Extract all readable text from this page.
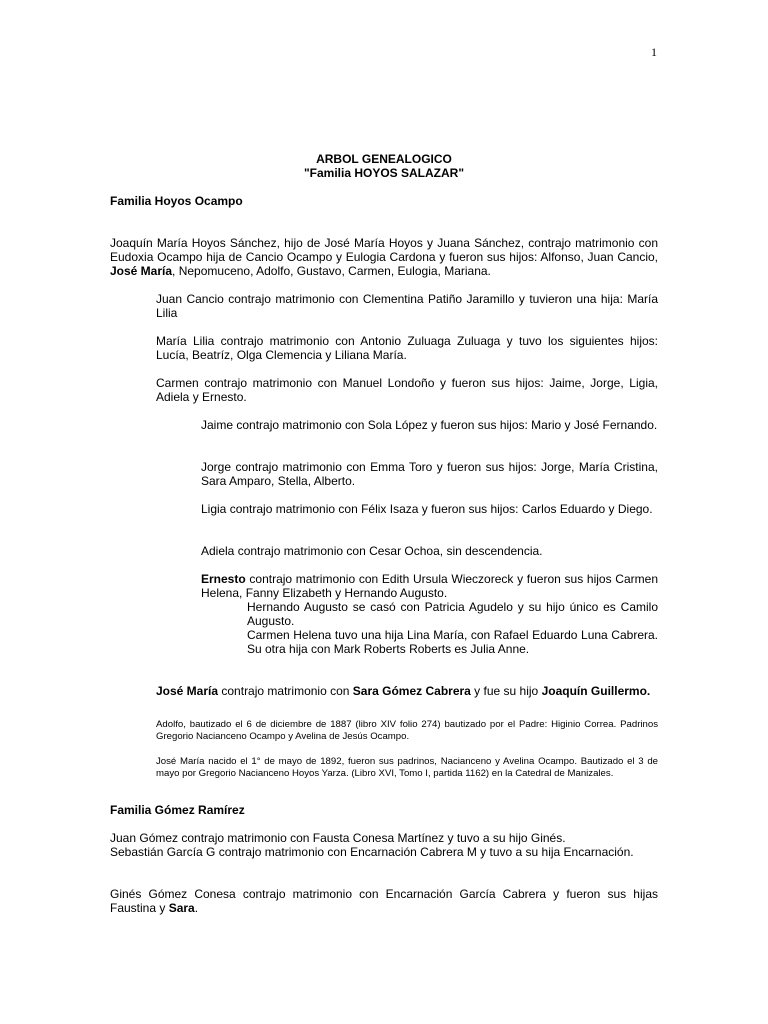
1
ARBOL GENEALOGICO
"Familia HOYOS SALAZAR"

Familia Hoyos Ocampo

Joaquín María Hoyos Sánchez, hijo de José María Hoyos y Juana Sánchez, contrajo matrimonio con Eudoxia Ocampo hija de Cancio Ocampo y Eulogia Cardona y fueron sus hijos: Alfonso, Juan Cancio, José María, Nepomuceno, Adolfo, Gustavo, Carmen, Eulogia, Mariana.

Juan Cancio contrajo matrimonio con Clementina Patiño Jaramillo y tuvieron una hija: María Lilia

María Lilia contrajo matrimonio con Antonio Zuluaga Zuluaga y tuvo los siguientes hijos: Lucía, Beatríz, Olga Clemencia y Liliana María.

Carmen contrajo matrimonio con Manuel Londoño y fueron sus hijos: Jaime, Jorge, Ligia, Adiela y Ernesto.

Jaime contrajo matrimonio con Sola López y fueron sus hijos: Mario y José Fernando.

Jorge contrajo matrimonio con Emma Toro y fueron sus hijos: Jorge, María Cristina, Sara Amparo, Stella, Alberto.

Ligia contrajo matrimonio con Félix Isaza y fueron sus hijos: Carlos Eduardo y Diego.

Adiela contrajo matrimonio con Cesar Ochoa, sin descendencia.

Ernesto contrajo matrimonio con Edith Ursula Wieczoreck y fueron sus hijos Carmen Helena, Fanny Elizabeth y Hernando Augusto.

Hernando Augusto se casó con Patricia Agudelo y su hijo único es Camilo Augusto.

Carmen Helena tuvo una hija Lina María, con Rafael Eduardo Luna Cabrera. Su otra hija con Mark Roberts Roberts es Julia Anne.

José María contrajo matrimonio con Sara Gómez Cabrera y fue su hijo Joaquín Guillermo.

Adolfo, bautizado el 6 de diciembre de 1887 (libro XIV folio 274) bautizado por el Padre: Higinio Correa. Padrinos Gregorio Nacianceno Ocampo y Avelina de Jesús Ocampo.

José María nacido el 1° de mayo de 1892, fueron sus padrinos, Nacianceno y Avelina Ocampo. Bautizado el 3 de mayo por Gregorio Nacianceno Hoyos Yarza. (Libro XVI, Tomo I, partida 1162) en la Catedral de Manizales.

Familia Gómez Ramírez

Juan Gómez contrajo matrimonio con Fausta Conesa Martínez y tuvo a su hijo Ginés.

Sebastián García G contrajo matrimonio con Encarnación Cabrera M y tuvo a su hija Encarnación.

Ginés Gómez Conesa contrajo matrimonio con Encarnación García Cabrera y fueron sus hijas Faustina y Sara.
